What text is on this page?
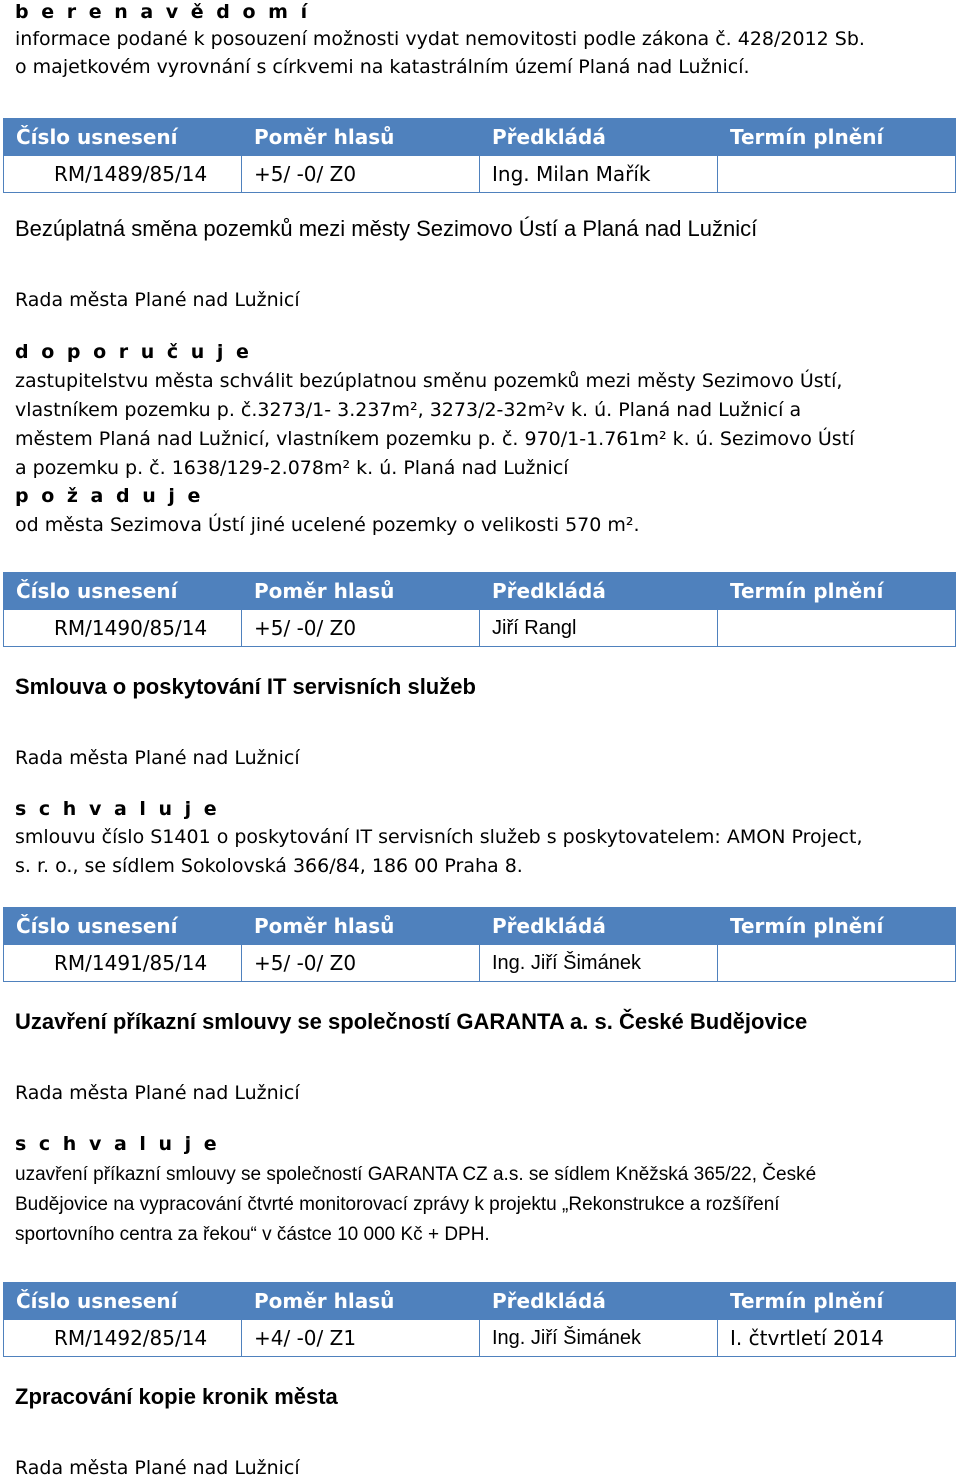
b e r e n a v ě d o m í
informace podané k posouzení možnosti vydat nemovitosti podle zákona č. 428/2012 Sb.
o majetkovém vyrovnání s církvemi na katastrálním území Planá nad Lužnicí.
Číslo usnesení	Poměr hlasů	Předkládá	Termín plnění
RM/1489/85/14	+5/ -0/ Z0	Ing. Milan Mařík	
Bezúplatná směna pozemků mezi městy Sezimovo Ústí a Planá nad Lužnicí
Rada města Plané nad Lužnicí
d o p o r u č u j e
zastupitelstvu města schválit bezúplatnou směnu pozemků mezi městy Sezimovo Ústí,
vlastníkem pozemku p. č.3273/1- 3.237m², 3273/2-32m²v k. ú. Planá nad Lužnicí a
městem Planá nad Lužnicí, vlastníkem pozemku p. č. 970/1-1.761m² k. ú. Sezimovo Ústí
a pozemku p. č. 1638/129-2.078m² k. ú. Planá nad Lužnicí
p o ž a d u j e
od města Sezimova Ústí jiné ucelené pozemky o velikosti 570 m².
Číslo usnesení	Poměr hlasů	Předkládá	Termín plnění
RM/1490/85/14	+5/ -0/ Z0	Jiří Rangl	
Smlouva o poskytování IT servisních služeb
Rada města Plané nad Lužnicí
s c h v a l u j e
smlouvu číslo S1401 o poskytování IT servisních služeb s poskytovatelem: AMON Project,
s. r. o., se sídlem Sokolovská 366/84, 186 00 Praha 8.
Číslo usnesení	Poměr hlasů	Předkládá	Termín plnění
RM/1491/85/14	+5/ -0/ Z0	Ing. Jiří Šimánek	
Uzavření příkazní smlouvy se společností GARANTA a. s. České Budějovice
Rada města Plané nad Lužnicí
s c h v a l u j e
uzavření příkazní smlouvy se společností GARANTA CZ a.s. se sídlem Kněžská 365/22, České
Budějovice na vypracování čtvrté monitorovací zprávy k projektu „Rekonstrukce a rozšíření
sportovního centra za řekou“ v částce 10 000 Kč + DPH.
Číslo usnesení	Poměr hlasů	Předkládá	Termín plnění
RM/1492/85/14	+4/ -0/ Z1	Ing. Jiří Šimánek	I. čtvrtletí 2014
Zpracování kopie kronik města
Rada města Plané nad Lužnicí
